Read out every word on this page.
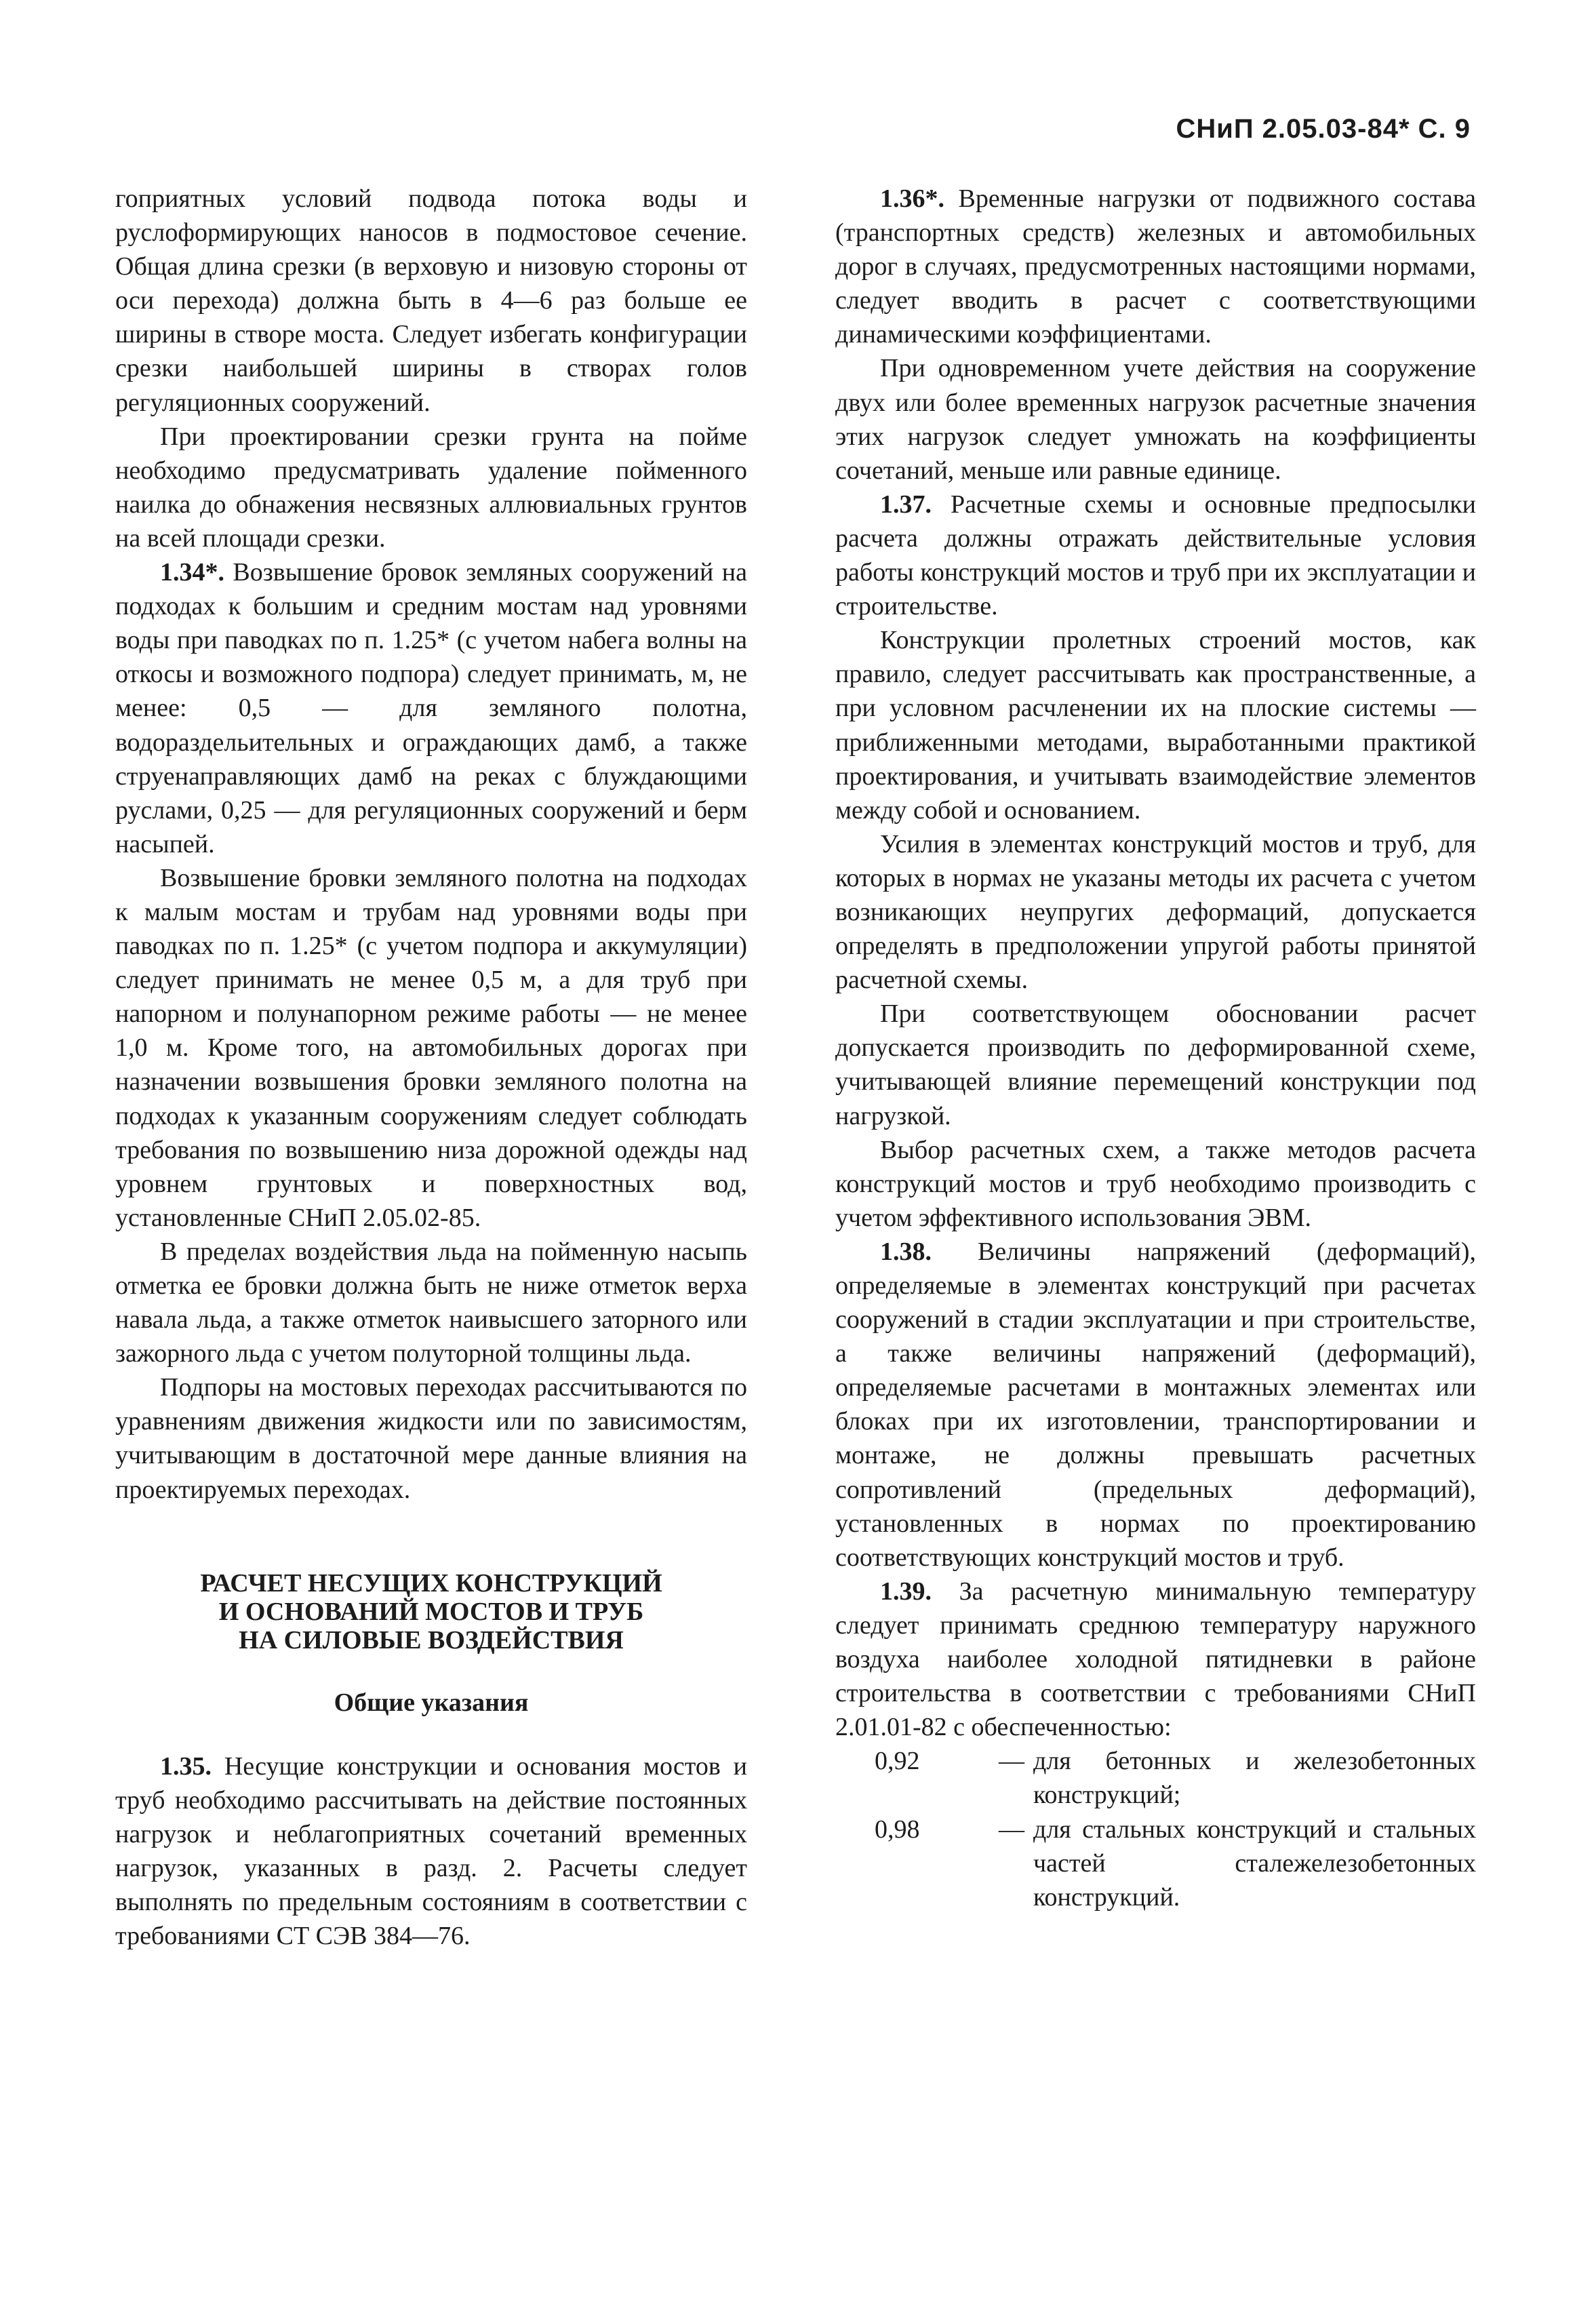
СНиП 2.05.03-84* С. 9

гоприятных условий подвода потока воды и руслоформирующих наносов в подмостовое сечение. Общая длина срезки (в верховую и низовую стороны от оси перехода) должна быть в 4—6 раз больше ее ширины в створе моста. Следует избегать конфигурации срезки наибольшей ширины в створах голов регуляционных сооружений.

При проектировании срезки грунта на пойме необходимо предусматривать удаление пойменного наилка до обнажения несвязных аллювиальных грунтов на всей площади срезки.

1.34*. Возвышение бровок земляных сооружений на подходах к большим и средним мостам над уровнями воды при паводках по п. 1.25* (с учетом набега волны на откосы и возможного подпора) следует принимать, м, не менее: 0,5 — для земляного полотна, водораздельительных и ограждающих дамб, а также струенаправляющих дамб на реках с блуждающими руслами, 0,25 — для регуляционных сооружений и берм насыпей.

Возвышение бровки земляного полотна на подходах к малым мостам и трубам над уровнями воды при паводках по п. 1.25* (с учетом подпора и аккумуляции) следует принимать не менее 0,5 м, а для труб при напорном и полунапорном режиме работы — не менее 1,0 м. Кроме того, на автомобильных дорогах при назначении возвышения бровки земляного полотна на подходах к указанным сооружениям следует соблюдать требования по возвышению низа дорожной одежды над уровнем грунтовых и поверхностных вод, установленные СНиП 2.05.02-85.

В пределах воздействия льда на пойменную насыпь отметка ее бровки должна быть не ниже отметок верха навала льда, а также отметок наивысшего заторного или зажорного льда с учетом полуторной толщины льда.

Подпоры на мостовых переходах рассчитываются по уравнениям движения жидкости или по зависимостям, учитывающим в достаточной мере данные влияния на проектируемых переходах.

РАСЧЕТ НЕСУЩИХ КОНСТРУКЦИЙ
И ОСНОВАНИЙ МОСТОВ И ТРУБ
НА СИЛОВЫЕ ВОЗДЕЙСТВИЯ
Общие указания

1.35. Несущие конструкции и основания мостов и труб необходимо рассчитывать на действие постоянных нагрузок и неблагоприятных сочетаний временных нагрузок, указанных в разд. 2. Расчеты следует выполнять по предельным состояниям в соответствии с требованиями СТ СЭВ 384—76.

1.36*. Временные нагрузки от подвижного состава (транспортных средств) железных и автомобильных дорог в случаях, предусмотренных настоящими нормами, следует вводить в расчет с соответствующими динамическими коэффициентами.

При одновременном учете действия на сооружение двух или более временных нагрузок расчетные значения этих нагрузок следует умножать на коэффициенты сочетаний, меньше или равные единице.

1.37. Расчетные схемы и основные предпосылки расчета должны отражать действительные условия работы конструкций мостов и труб при их эксплуатации и строительстве.

Конструкции пролетных строений мостов, как правило, следует рассчитывать как пространственные, а при условном расчленении их на плоские системы — приближенными методами, выработанными практикой проектирования, и учитывать взаимодействие элементов между собой и основанием.

Усилия в элементах конструкций мостов и труб, для которых в нормах не указаны методы их расчета с учетом возникающих неупругих деформаций, допускается определять в предположении упругой работы принятой расчетной схемы.

При соответствующем обосновании расчет допускается производить по деформированной схеме, учитывающей влияние перемещений конструкции под нагрузкой.

Выбор расчетных схем, а также методов расчета конструкций мостов и труб необходимо производить с учетом эффективного использования ЭВМ.

1.38. Величины напряжений (деформаций), определяемые в элементах конструкций при расчетах сооружений в стадии эксплуатации и при строительстве, а также величины напряжений (деформаций), определяемые расчетами в монтажных элементах или блоках при их изготовлении, транспортировании и монтаже, не должны превышать расчетных сопротивлений (предельных деформаций), установленных в нормах по проектированию соответствующих конструкций мостов и труб.

1.39. За расчетную минимальную температуру следует принимать среднюю температуру наружного воздуха наиболее холодной пятидневки в районе строительства в соответствии с требованиями СНиП 2.01.01-82 с обеспеченностью:

0,92	— для бетонных и железобетонных конструкций;
0,98	— для стальных конструкций и стальных частей сталежелезобетонных конструкций.
